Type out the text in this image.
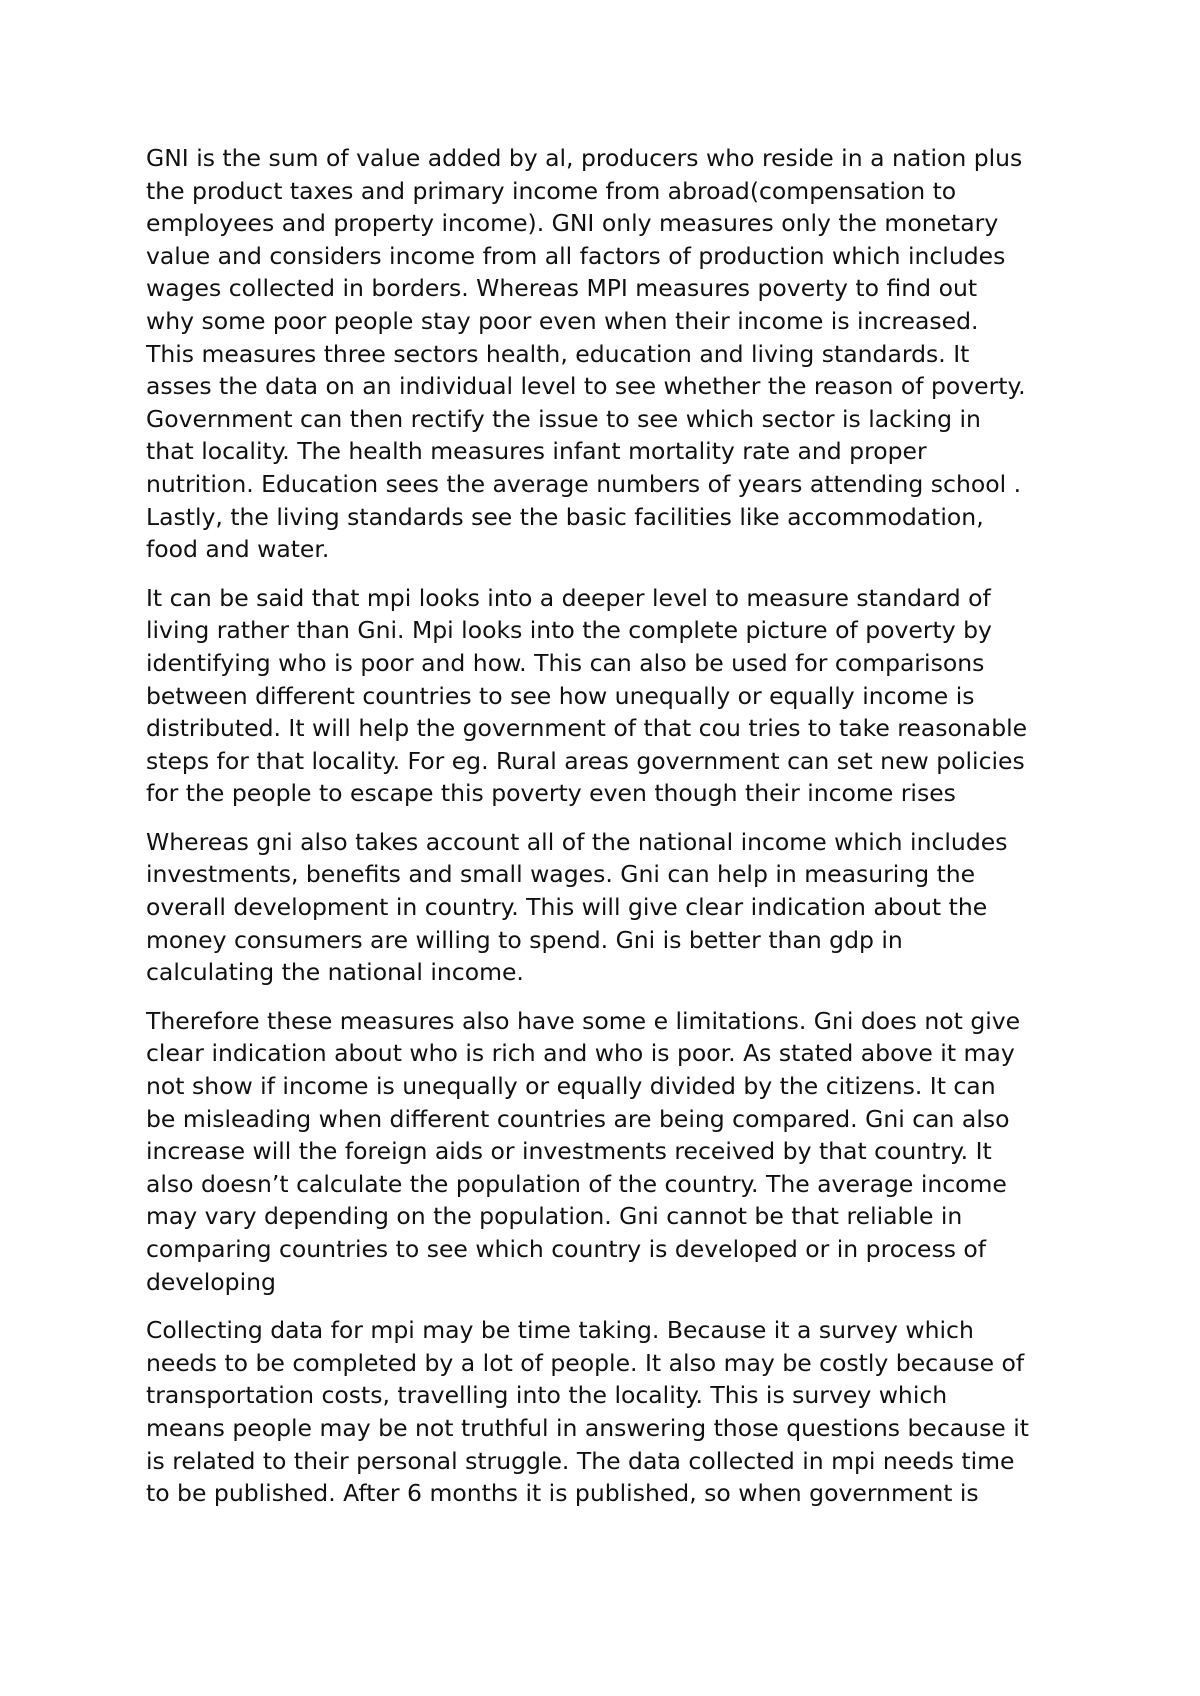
GNI is the sum of value added by al, producers who reside in a nation plus
the product taxes and primary income from abroad(compensation to
employees and property income). GNI only measures only the monetary
value and considers income from all factors of production which includes
wages collected in borders. Whereas MPI measures poverty to find out
why some poor people stay poor even when their income is increased.
This measures three sectors health, education and living standards. It
asses the data on an individual level to see whether the reason of poverty.
Government can then rectify the issue to see which sector is lacking in
that locality. The health measures infant mortality rate and proper
nutrition. Education sees the average numbers of years attending school .
Lastly, the living standards see the basic facilities like accommodation,
food and water.

It can be said that mpi looks into a deeper level to measure standard of
living rather than Gni. Mpi looks into the complete picture of poverty by
identifying who is poor and how. This can also be used for comparisons
between different countries to see how unequally or equally income is
distributed. It will help the government of that cou tries to take reasonable
steps for that locality. For eg. Rural areas government can set new policies
for the people to escape this poverty even though their income rises

Whereas gni also takes account all of the national income which includes
investments, benefits and small wages. Gni can help in measuring the
overall development in country. This will give clear indication about the
money consumers are willing to spend. Gni is better than gdp in
calculating the national income.

Therefore these measures also have some e limitations. Gni does not give
clear indication about who is rich and who is poor. As stated above it may
not show if income is unequally or equally divided by the citizens. It can
be misleading when different countries are being compared. Gni can also
increase will the foreign aids or investments received by that country. It
also doesn’t calculate the population of the country. The average income
may vary depending on the population. Gni cannot be that reliable in
comparing countries to see which country is developed or in process of
developing

Collecting data for mpi may be time taking. Because it a survey which
needs to be completed by a lot of people. It also may be costly because of
transportation costs, travelling into the locality. This is survey which
means people may be not truthful in answering those questions because it
is related to their personal struggle. The data collected in mpi needs time
to be published. After 6 months it is published, so when government is
